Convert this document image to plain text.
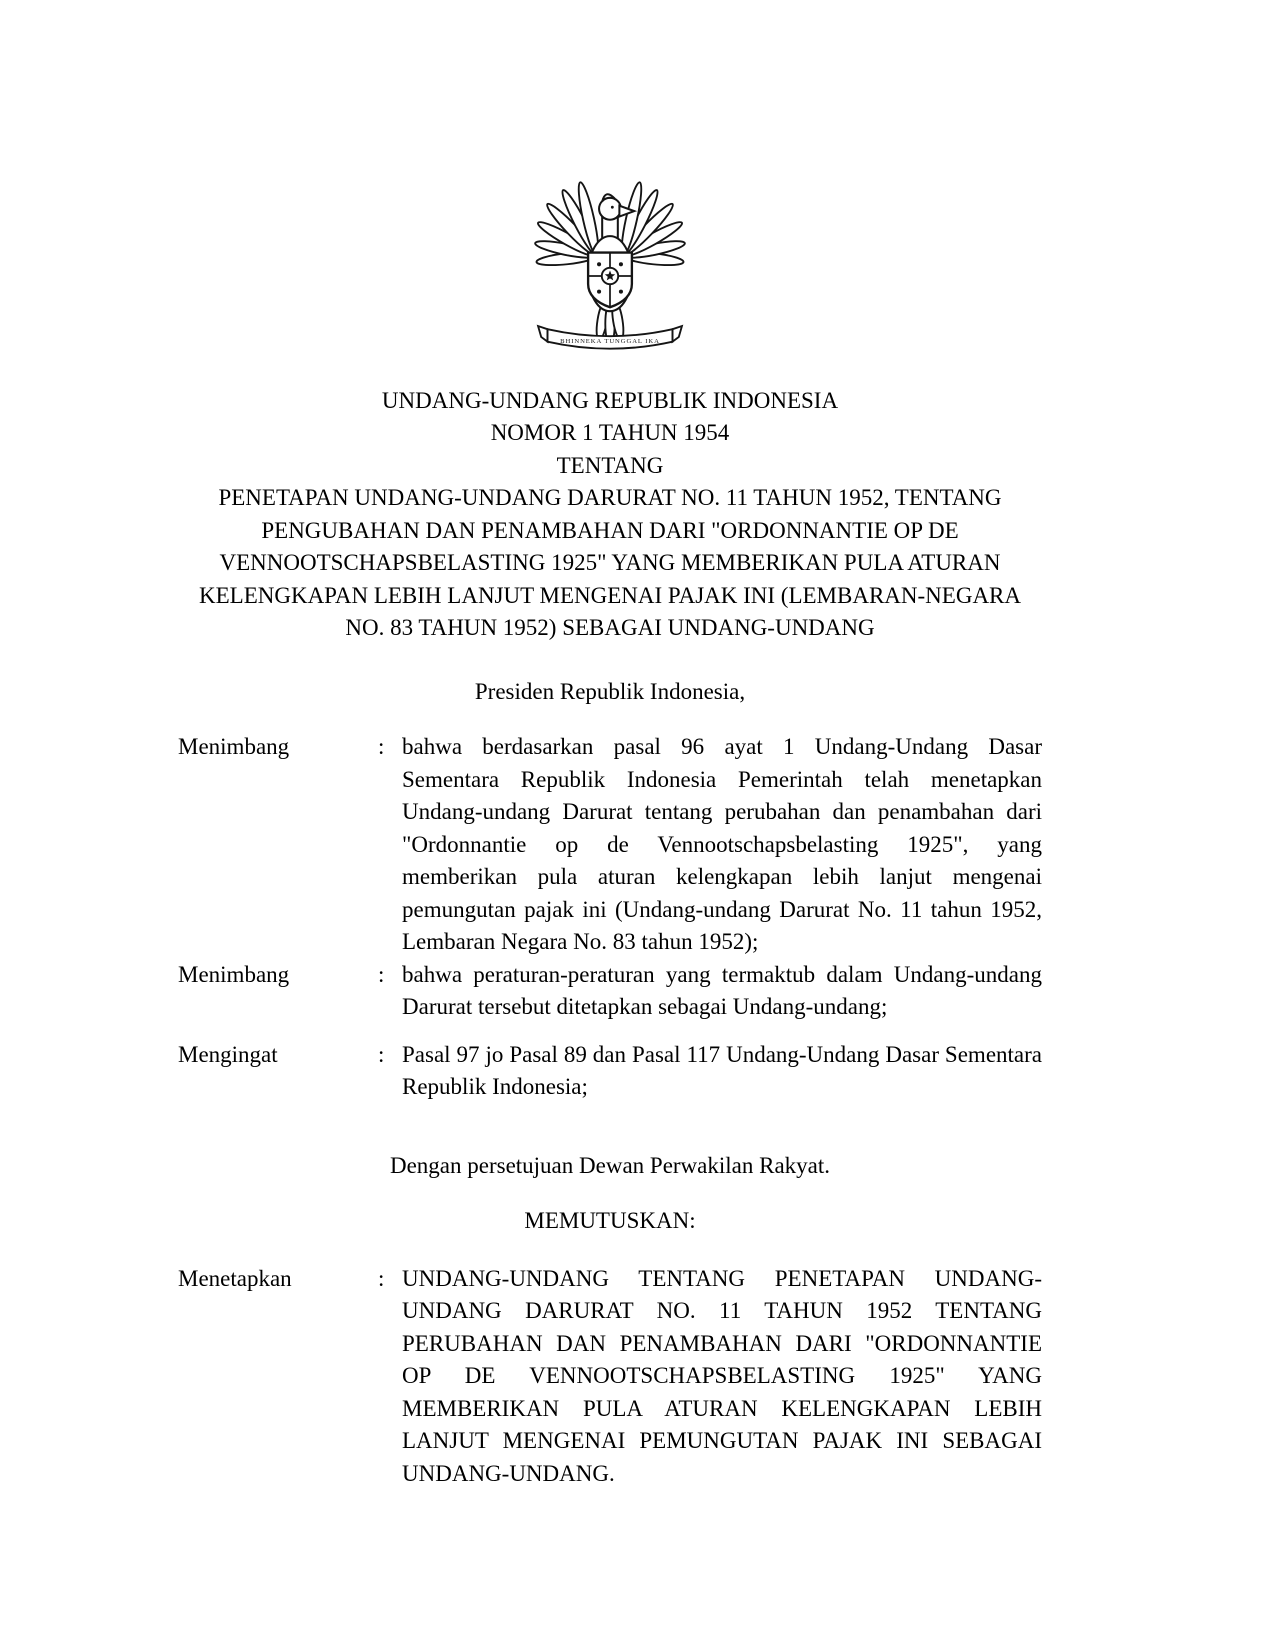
BHINNEKA TUNGGAL IKA
UNDANG-UNDANG REPUBLIK INDONESIA
NOMOR 1 TAHUN 1954
TENTANG
PENETAPAN UNDANG-UNDANG DARURAT NO. 11 TAHUN 1952, TENTANG PENGUBAHAN DAN PENAMBAHAN DARI "ORDONNANTIE OP DE VENNOOTSCHAPSBELASTING 1925" YANG MEMBERIKAN PULA ATURAN KELENGKAPAN LEBIH LANJUT MENGENAI PAJAK INI (LEMBARAN-NEGARA NO. 83 TAHUN 1952) SEBAGAI UNDANG-UNDANG
Presiden Republik Indonesia,
Menimbang	: bahwa berdasarkan pasal 96 ayat 1 Undang-Undang Dasar Sementara Republik Indonesia Pemerintah telah menetapkan Undang-undang Darurat tentang perubahan dan penambahan dari "Ordonnantie op de Vennootschapsbelasting 1925", yang memberikan pula aturan kelengkapan lebih lanjut mengenai pemungutan pajak ini (Undang-undang Darurat No. 11 tahun 1952, Lembaran Negara No. 83 tahun 1952);
Menimbang	: bahwa peraturan-peraturan yang termaktub dalam Undang-undang Darurat tersebut ditetapkan sebagai Undang-undang;
Mengingat	: Pasal 97 jo Pasal 89 dan Pasal 117 Undang-Undang Dasar Sementara Republik Indonesia;
Dengan persetujuan Dewan Perwakilan Rakyat.
MEMUTUSKAN:
Menetapkan	: UNDANG-UNDANG TENTANG PENETAPAN UNDANG-UNDANG DARURAT NO. 11 TAHUN 1952 TENTANG PERUBAHAN DAN PENAMBAHAN DARI "ORDONNANTIE OP DE VENNOOTSCHAPSBELASTING 1925" YANG MEMBERIKAN PULA ATURAN KELENGKAPAN LEBIH LANJUT MENGENAI PEMUNGUTAN PAJAK INI SEBAGAI UNDANG-UNDANG.
